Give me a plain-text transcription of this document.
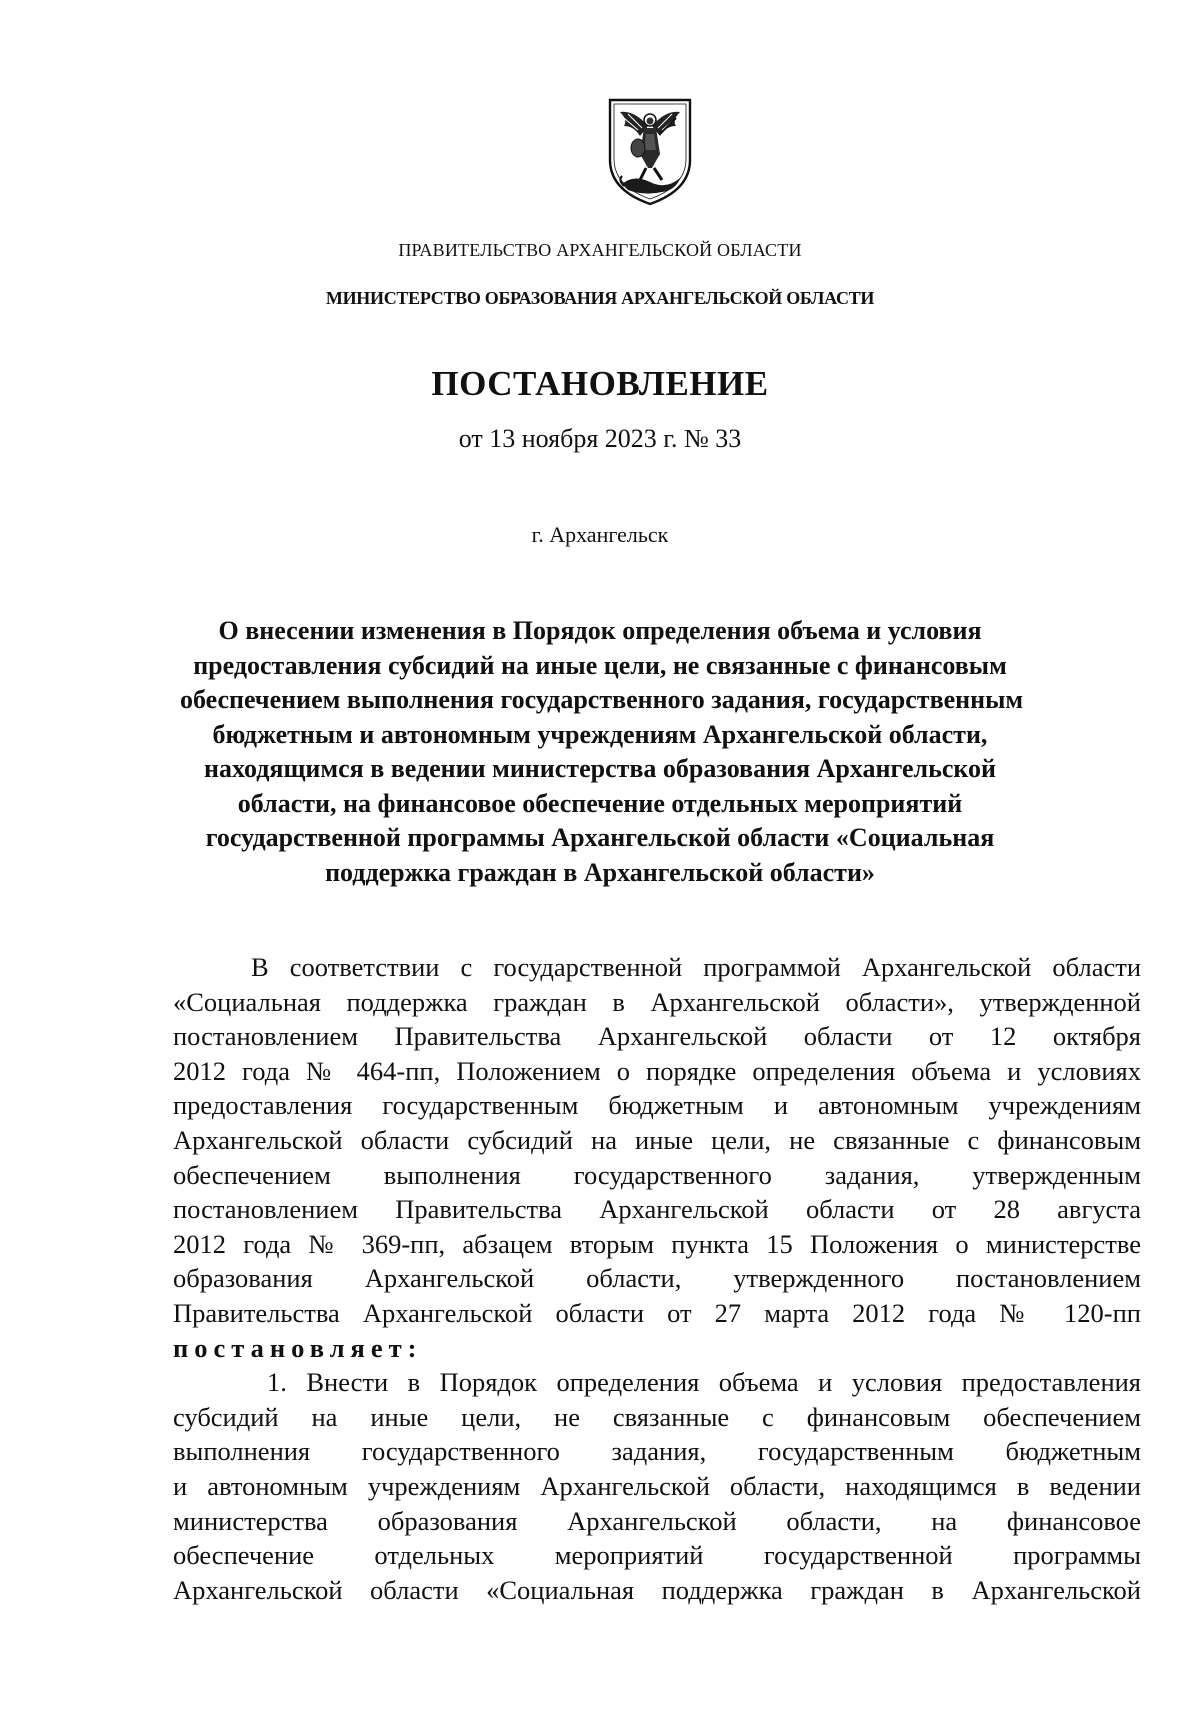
ПРАВИТЕЛЬСТВО АРХАНГЕЛЬСКОЙ ОБЛАСТИ
МИНИСТЕРСТВО ОБРАЗОВАНИЯ АРХАНГЕЛЬСКОЙ ОБЛАСТИ
ПОСТАНОВЛЕНИЕ
от 13 ноября 2023 г. № 33
г. Архангельск
О внесении изменения в Порядок определения объема и условия
предоставления субсидий на иные цели, не связанные с финансовым
обеспечением выполнения государственного задания, государственным
бюджетным и автономным учреждениям Архангельской области,
находящимся в ведении министерства образования Архангельской
области, на финансовое обеспечение отдельных мероприятий
государственной программы Архангельской области «Социальная
поддержка граждан в Архангельской области»
В соответствии с государственной программой Архангельской области
«Социальная поддержка граждан в Архангельской области», утвержденной
постановлением Правительства Архангельской области от 12 октября
2012 года № 464-пп, Положением о порядке определения объема и условиях
предоставления государственным бюджетным и автономным учреждениям
Архангельской области субсидий на иные цели, не связанные с финансовым
обеспечением выполнения государственного задания, утвержденным
постановлением Правительства Архангельской области от 28 августа
2012 года № 369-пп, абзацем вторым пункта 15 Положения о министерстве
образования Архангельской области, утвержденного постановлением
Правительства Архангельской области от 27 марта 2012 года № 120-пп
постановляет:
1. Внести в Порядок определения объема и условия предоставления
субсидий на иные цели, не связанные с финансовым обеспечением
выполнения государственного задания, государственным бюджетным
и автономным учреждениям Архангельской области, находящимся в ведении
министерства образования Архангельской области, на финансовое
обеспечение отдельных мероприятий государственной программы
Архангельской области «Социальная поддержка граждан в Архангельской
